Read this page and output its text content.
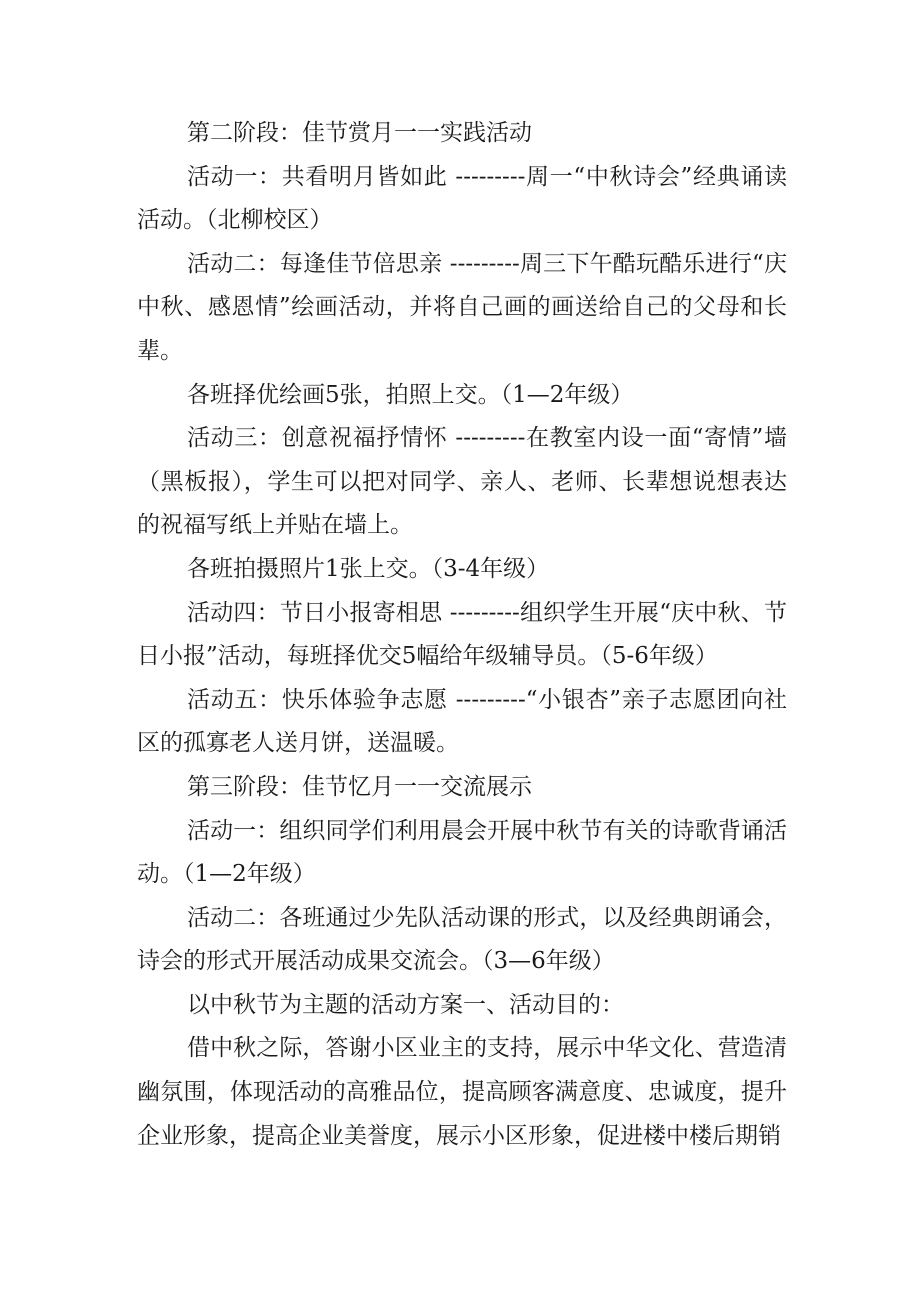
第二阶段：佳节赏月一一实践活动

活动一：共看明月皆如此 ---------周一“中秋诗会”经典诵读活动。（北柳校区）

活动二：每逢佳节倍思亲 ---------周三下午酷玩酷乐进行“庆中秋、感恩情”绘画活动，并将自己画的画送给自己的父母和长辈。

各班择优绘画5张，拍照上交。（1—2年级）

活动三：创意祝福抒情怀 ---------在教室内设一面“寄情”墙（黑板报），学生可以把对同学、亲人、老师、长辈想说想表达的祝福写纸上并贴在墙上。

各班拍摄照片1张上交。（3-4年级）

活动四：节日小报寄相思 ---------组织学生开展“庆中秋、节日小报”活动，每班择优交5幅给年级辅导员。（5-6年级）

活动五：快乐体验争志愿 ---------“小银杏”亲子志愿团向社区的孤寡老人送月饼，送温暖。

第三阶段：佳节忆月一一交流展示

活动一：组织同学们利用晨会开展中秋节有关的诗歌背诵活动。（1—2年级）

活动二：各班通过少先队活动课的形式，以及经典朗诵会，诗会的形式开展活动成果交流会。（3—6年级）

以中秋节为主题的活动方案一、活动目的：

借中秋之际，答谢小区业主的支持，展示中华文化、营造清幽氛围，体现活动的高雅品位，提高顾客满意度、忠诚度，提升企业形象，提高企业美誉度，展示小区形象，促进楼中楼后期销
